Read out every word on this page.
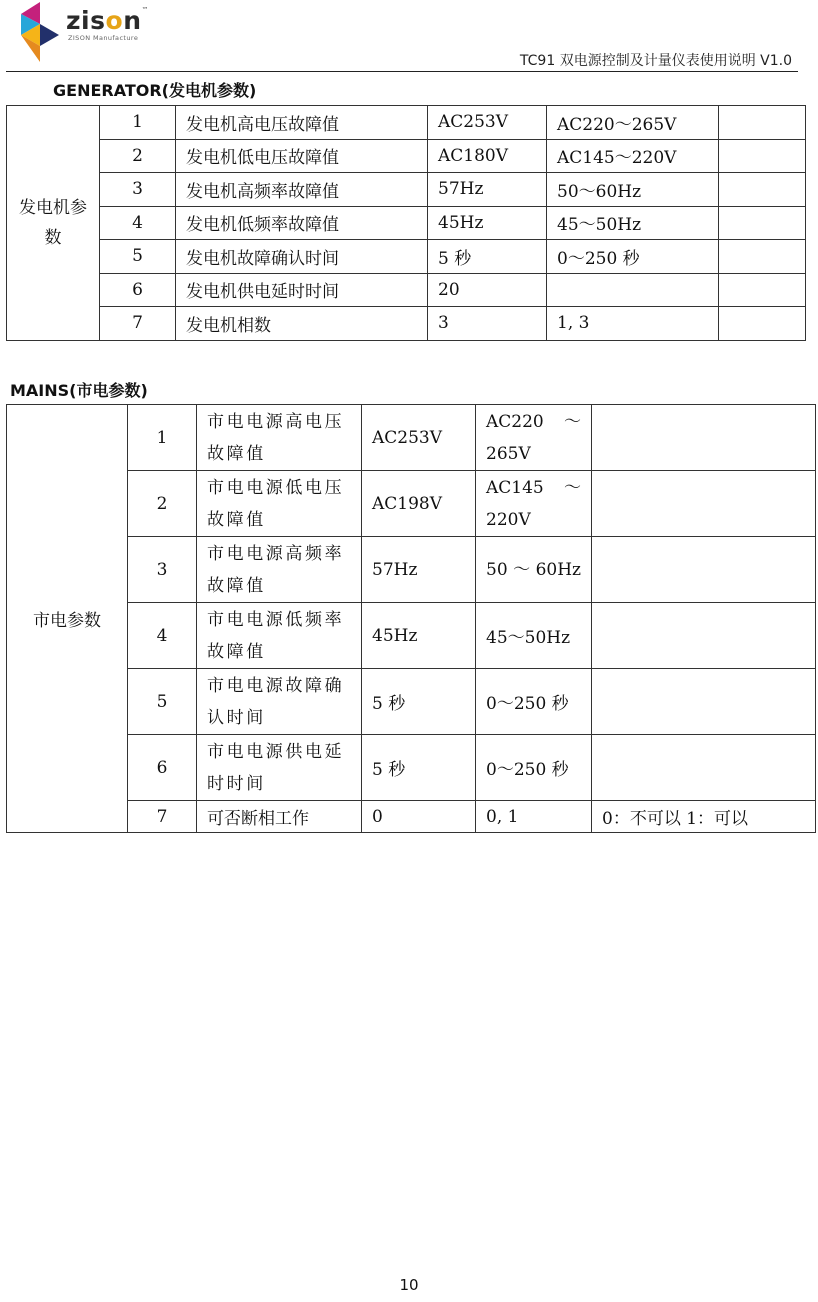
zison™
ZISON Manufacture
TC91 双电源控制及计量仪表使用说明 V1.0
GENERATOR(发电机参数)
发电机参数	1	发电机高电压故障值	AC253V	AC220～265V	
	2	发电机低电压故障值	AC180V	AC145～220V	
	3	发电机高频率故障值	57Hz	50～60Hz	
	4	发电机低频率故障值	45Hz	45～50Hz	
	5	发电机故障确认时间	5 秒	0～250 秒	
	6	发电机供电延时时间	20		
	7	发电机相数	3	1, 3	
MAINS(市电参数)
市电参数	1	市电电源高电压故障值	AC253V	AC220 ～ 265V	
	2	市电电源低电压故障值	AC198V	AC145 ～ 220V	
	3	市电电源高频率故障值	57Hz	50 ～ 60Hz	
	4	市电电源低频率故障值	45Hz	45～50Hz	
	5	市电电源故障确认时间	5 秒	0～250 秒	
	6	市电电源供电延时时间	5 秒	0～250 秒	
	7	可否断相工作	0	0, 1	0：不可以 1：可以
10
